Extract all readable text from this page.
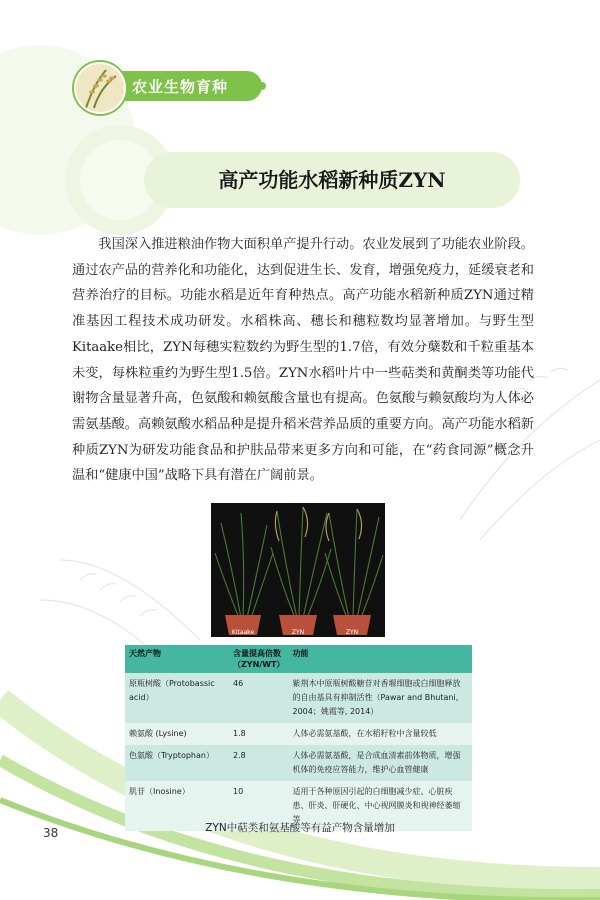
农业生物育种
高产功能水稻新种质ZYN
我国深入推进粮油作物大面积单产提升行动。农业发展到了功能农业阶段。通过农产品的营养化和功能化，达到促进生长、发育，增强免疫力，延缓衰老和营养治疗的目标。功能水稻是近年育种热点。高产功能水稻新种质ZYN通过精准基因工程技术成功研发。水稻株高、穗长和穗粒数均显著增加。与野生型Kitaake相比，ZYN每穗实粒数约为野生型的1.7倍，有效分蘖数和千粒重基本未变，每株粒重约为野生型1.5倍。ZYN水稻叶片中一些萜类和黄酮类等功能代谢物含量显著升高，色氨酸和赖氨酸含量也有提高。色氨酸与赖氨酸均为人体必需氨基酸。高赖氨酸水稻品种是提升稻米营养品质的重要方向。高产功能水稻新种质ZYN为研发功能食品和护肤品带来更多方向和可能，在“药食同源”概念升温和“健康中国”战略下具有潜在广阔前景。
Kitaake	ZYN	ZYN
天然产物	含量提高倍数（ZYN/WT）	功能
原瓶树酸（Protobassic acid）	46	紫荆木中原瓶树酸糖苷对香堰细胞或白细胞释放的自由基具有抑制活性（Pawar and Bhutani, 2004；姚霞等, 2014）
赖氨酸 (Lysine)	1.8	人体必需氨基酸，在水稻籽粒中含量较低
色氨酸（Tryptophan）	2.8	人体必需氨基酸，是合成血清素前体物质，增强机体的免疫应答能力，维护心血管健康
肌苷（Inosine）	10	适用于各种原因引起的白细胞减少症、心脏疾患、肝炎、肝硬化、中心视网膜炎和视神经萎缩等
ZYN中萜类和氨基酸等有益产物含量增加
38
